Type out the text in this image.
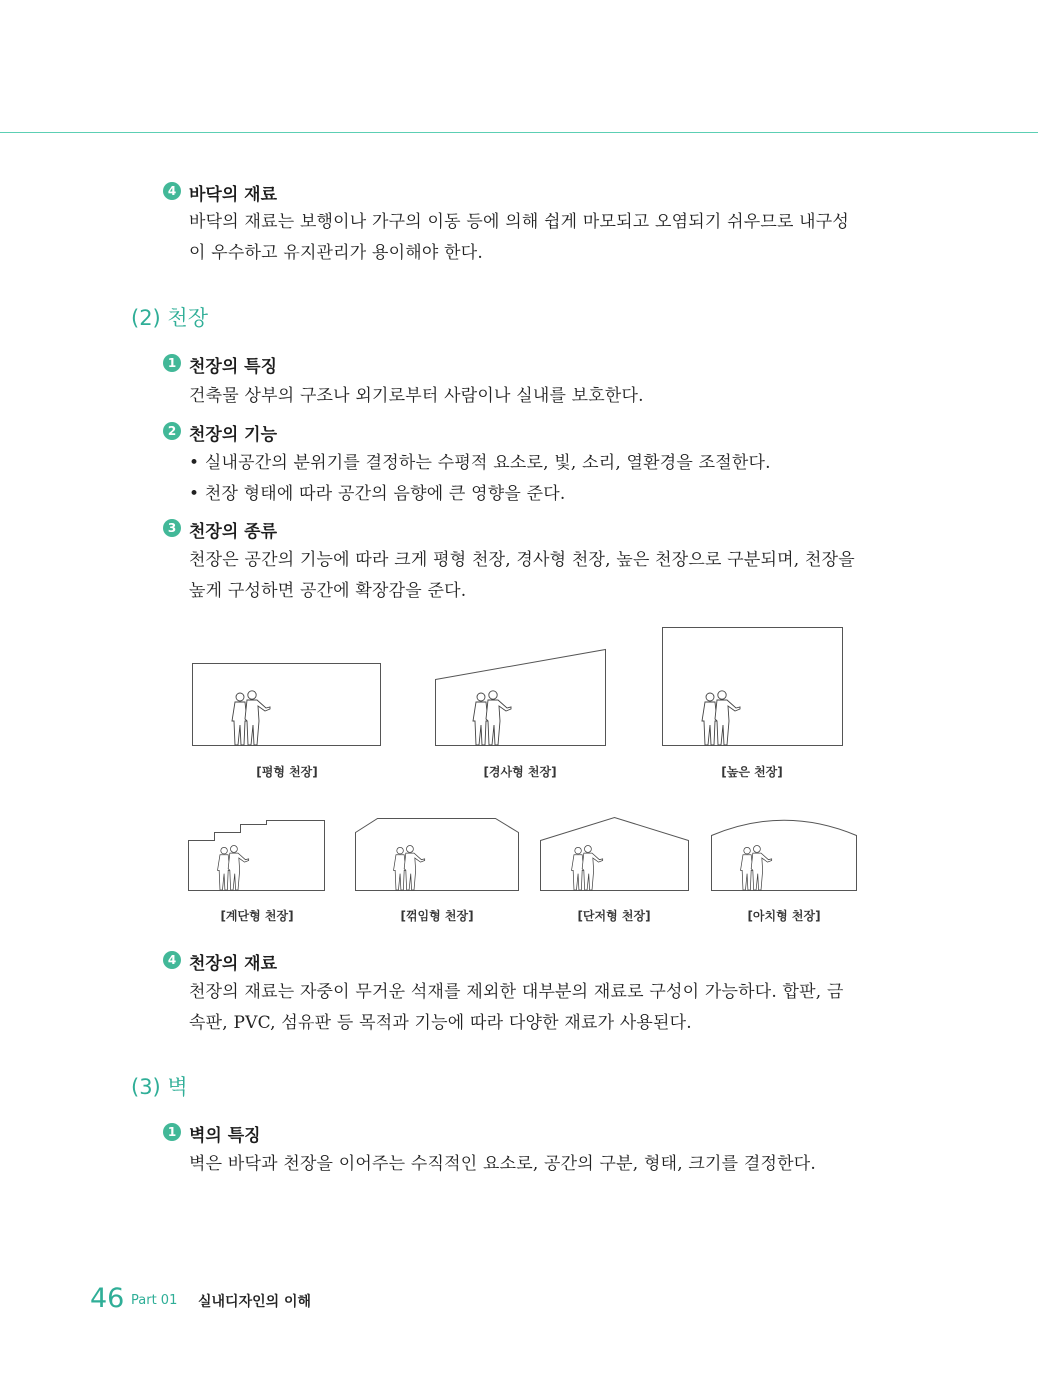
4 바닥의 재료
바닥의 재료는 보행이나 가구의 이동 등에 의해 쉽게 마모되고 오염되기 쉬우므로 내구성
이 우수하고 유지관리가 용이해야 한다.
(2) 천장
1 천장의 특징
건축물 상부의 구조나 외기로부터 사람이나 실내를 보호한다.
2 천장의 기능
• 실내공간의 분위기를 결정하는 수평적 요소로, 빛, 소리, 열환경을 조절한다.
• 천장 형태에 따라 공간의 음향에 큰 영향을 준다.
3 천장의 종류
천장은 공간의 기능에 따라 크게 평형 천장, 경사형 천장, 높은 천장으로 구분되며, 천장을
높게 구성하면 공간에 확장감을 준다.
[평형 천장]	[경사형 천장]	[높은 천장]
[계단형 천장]	[꺾임형 천장]	[단저형 천장]	[아치형 천장]
4 천장의 재료
천장의 재료는 자중이 무거운 석재를 제외한 대부분의 재료로 구성이 가능하다. 합판, 금
속판, PVC, 섬유판 등 목적과 기능에 따라 다양한 재료가 사용된다.
(3) 벽
1 벽의 특징
벽은 바닥과 천장을 이어주는 수직적인 요소로, 공간의 구분, 형태, 크기를 결정한다.
46 Part 01 실내디자인의 이해
